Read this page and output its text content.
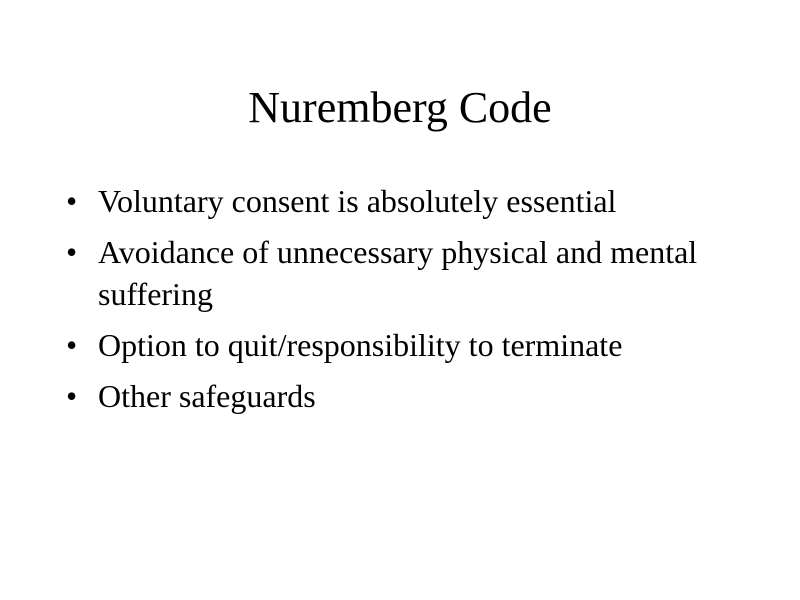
Nuremberg Code
• Voluntary consent is absolutely essential
• Avoidance of unnecessary physical and mental suffering
• Option to quit/responsibility to terminate
• Other safeguards
